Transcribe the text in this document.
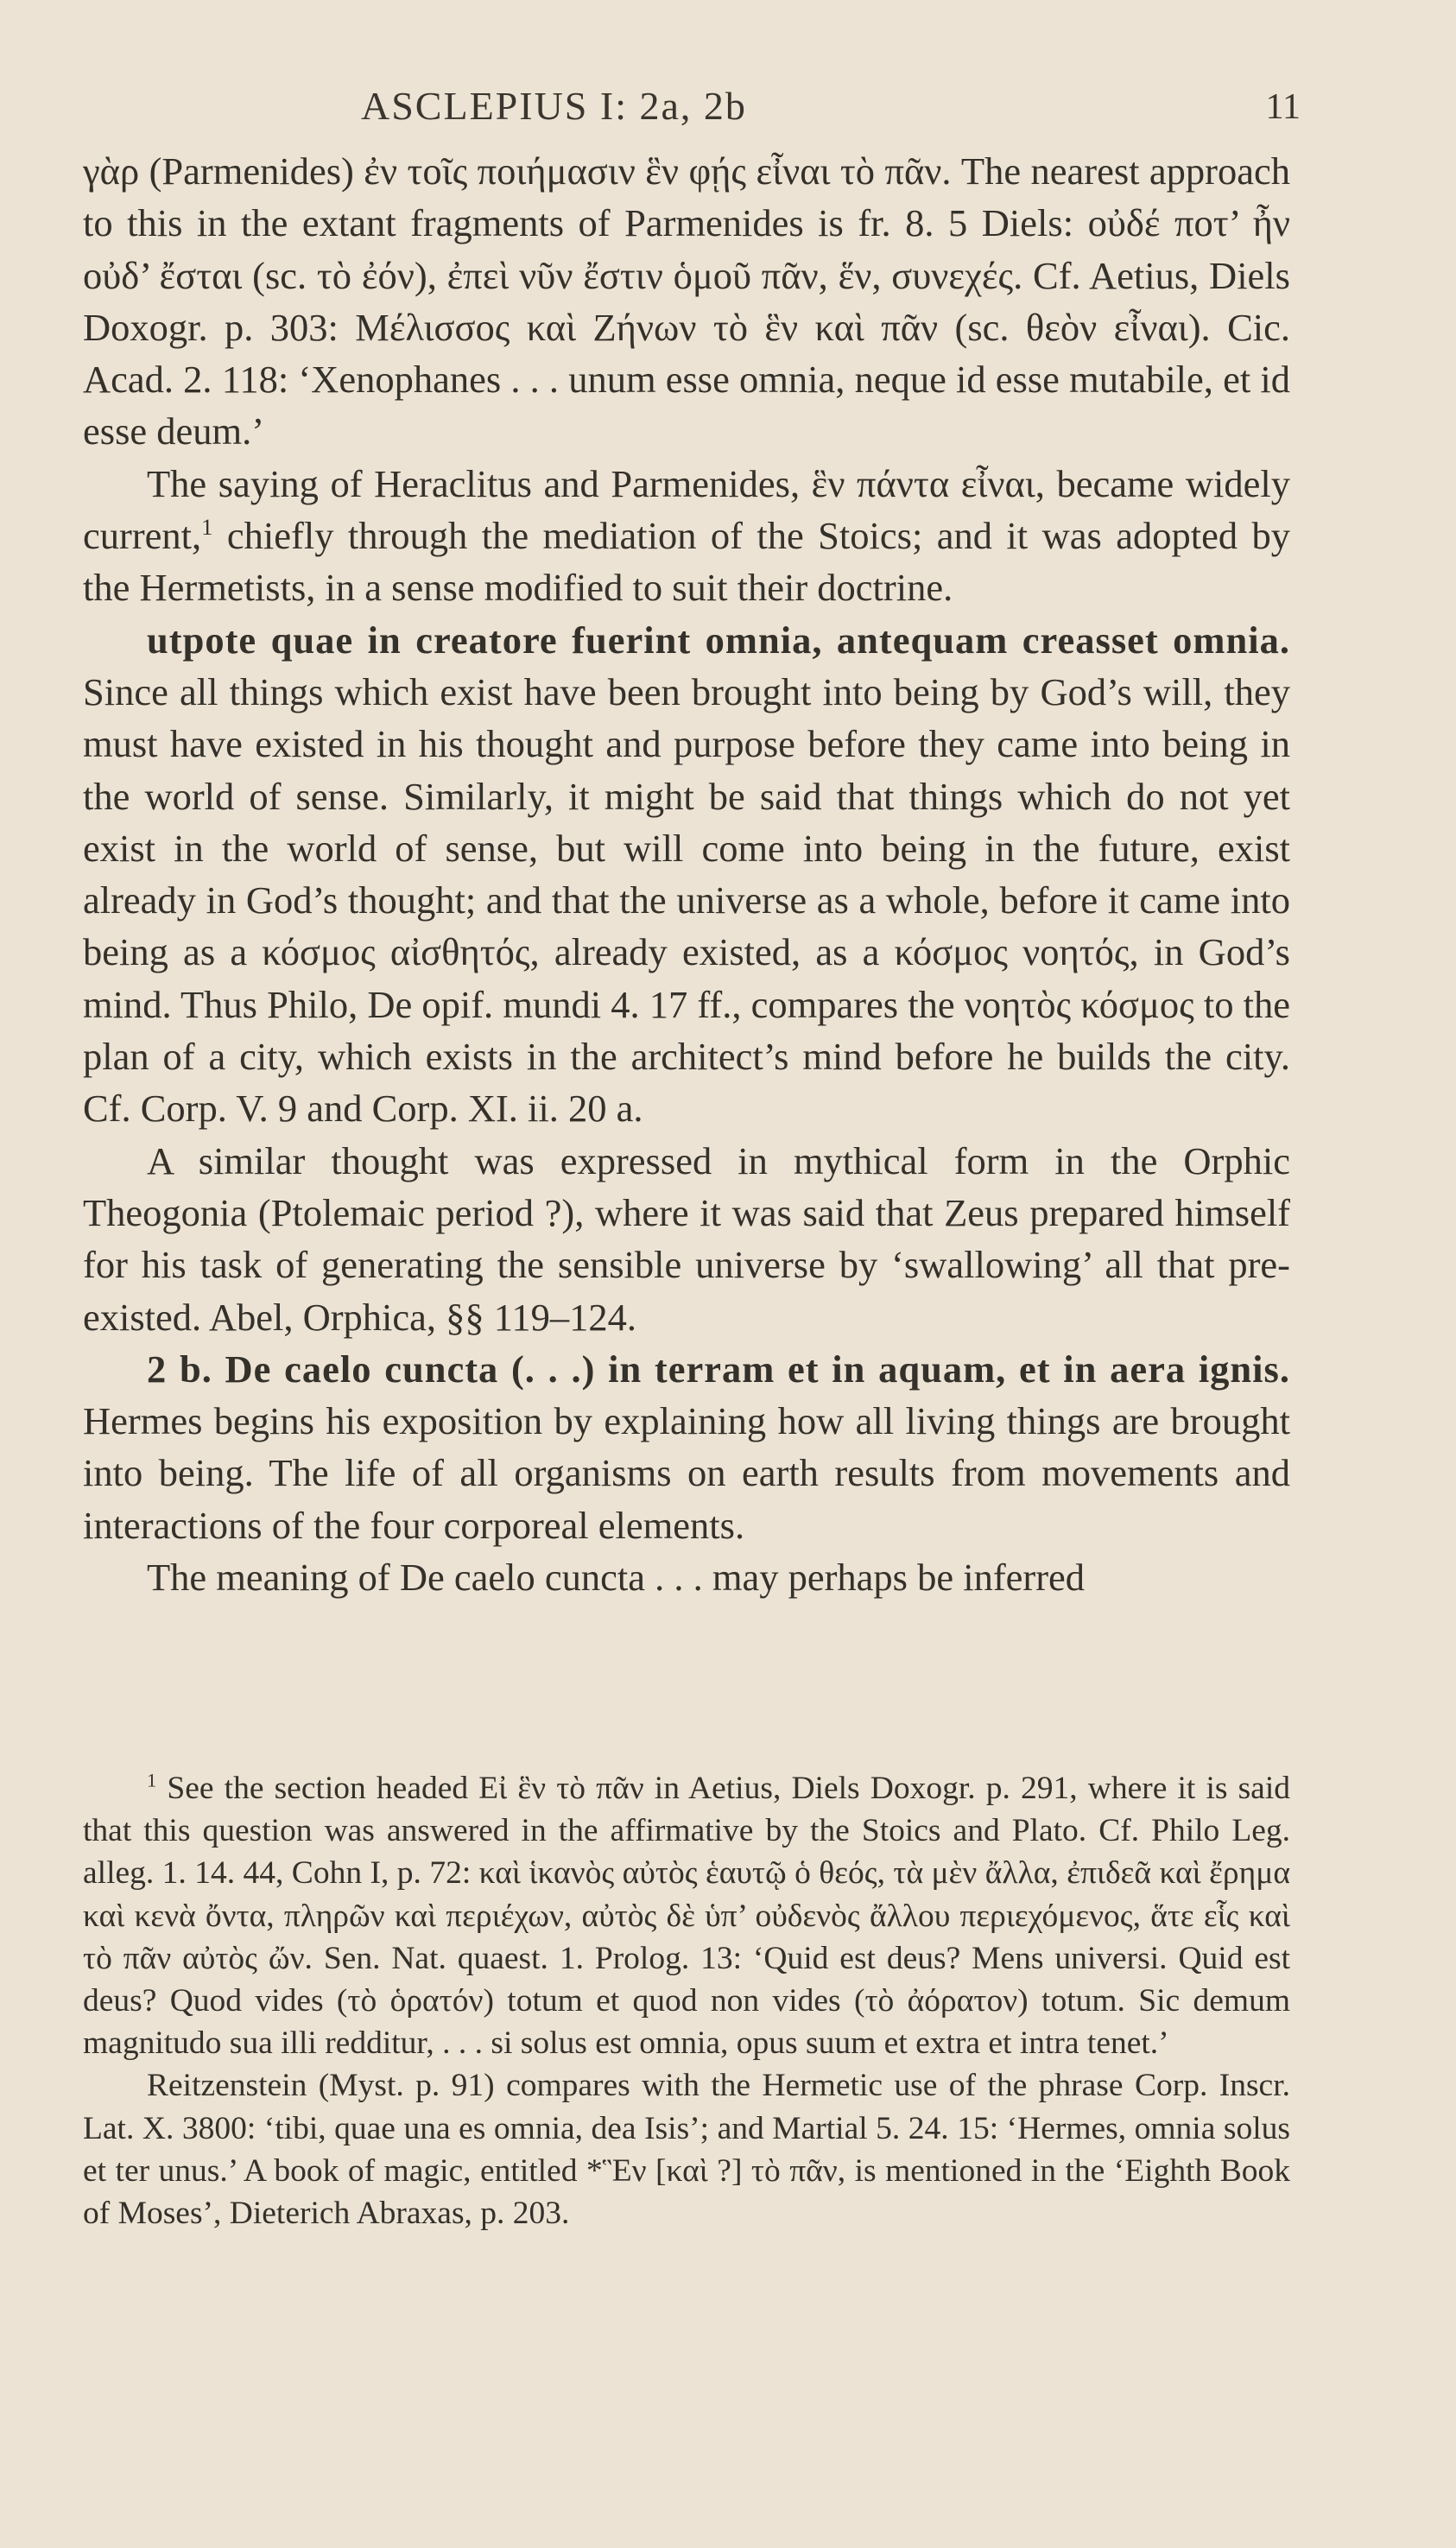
ASCLEPIUS I: 2a, 2b	11

γὰρ (Parmenides) ἐν τοῖς ποιήμασιν ἓν φῄς εἶναι τὸ πᾶν. The nearest approach to this in the extant fragments of Parmenides is fr. 8. 5 Diels: οὐδέ ποτ’ ἦν οὐδ’ ἔσται (sc. τὸ ἐόν), ἐπεὶ νῦν ἔστιν ὁμοῦ πᾶν, ἕν, συνεχές. Cf. Aetius, Diels Doxogr. p. 303: Μέλισσος καὶ Ζήνων τὸ ἓν καὶ πᾶν (sc. θεὸν εἶναι). Cic. Acad. 2. 118: ‘Xenophanes . . . unum esse omnia, neque id esse mutabile, et id esse deum.’

The saying of Heraclitus and Parmenides, ἓν πάντα εἶναι, became widely current,$^1$ chiefly through the mediation of the Stoics; and it was adopted by the Hermetists, in a sense modified to suit their doctrine.

utpote quae in creatore fuerint omnia, antequam creasset omnia. Since all things which exist have been brought into being by God’s will, they must have existed in his thought and purpose before they came into being in the world of sense. Similarly, it might be said that things which do not yet exist in the world of sense, but will come into being in the future, exist already in God’s thought; and that the universe as a whole, before it came into being as a κόσμος αἰσθητός, already existed, as a κόσμος νοητός, in God’s mind. Thus Philo, De opif. mundi 4. 17 ff., compares the νοητὸς κόσμος to the plan of a city, which exists in the architect’s mind before he builds the city. Cf. Corp. V. 9 and Corp. XI. ii. 20 a.

A similar thought was expressed in mythical form in the Orphic Theogonia (Ptolemaic period ?), where it was said that Zeus prepared himself for his task of generating the sensible universe by ‘swallowing’ all that pre-existed. Abel, Orphica, §§ 119–124.

2 b. De caelo cuncta (. . .) in terram et in aquam, et in aera ignis. Hermes begins his exposition by explaining how all living things are brought into being. The life of all organisms on earth results from movements and interactions of the four corporeal elements.

The meaning of De caelo cuncta . . . may perhaps be inferred

$^1$ See the section headed Εἰ ἓν τὸ πᾶν in Aetius, Diels Doxogr. p. 291, where it is said that this question was answered in the affirmative by the Stoics and Plato. Cf. Philo Leg. alleg. 1. 14. 44, Cohn I, p. 72: καὶ ἱκανὸς αὐτὸς ἑαυτῷ ὁ θεός, τὰ μὲν ἄλλα, ἐπιδεᾶ καὶ ἔρημα καὶ κενὰ ὄντα, πληρῶν καὶ περιέχων, αὐτὸς δὲ ὑπ’ οὐδενὸς ἄλλου περιεχόμενος, ἅτε εἷς καὶ τὸ πᾶν αὐτὸς ὤν. Sen. Nat. quaest. 1. Prolog. 13: ‘Quid est deus? Mens universi. Quid est deus? Quod vides (τὸ ὁρατόν) totum et quod non vides (τὸ ἀόρατον) totum. Sic demum magnitudo sua illi redditur, . . . si solus est omnia, opus suum et extra et intra tenet.’

Reitzenstein (Myst. p. 91) compares with the Hermetic use of the phrase Corp. Inscr. Lat. X. 3800: ‘tibi, quae una es omnia, dea Isis’; and Martial 5. 24. 15: ‘Hermes, omnia solus et ter unus.’ A book of magic, entitled *Ἓν [καὶ ?] τὸ πᾶν, is mentioned in the ‘Eighth Book of Moses’, Dieterich Abraxas, p. 203.
